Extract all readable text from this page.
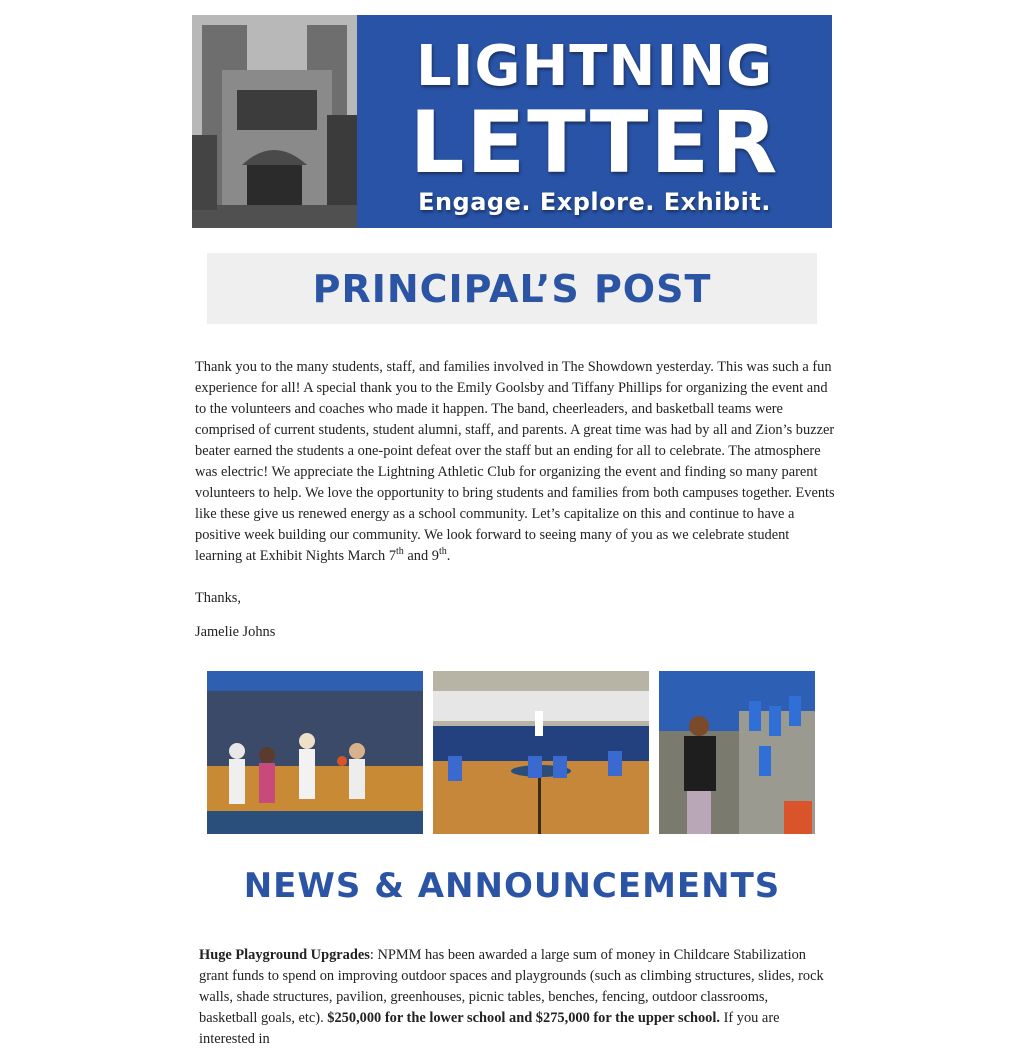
LIGHTNING
LETTER
Engage. Explore. Exhibit.
PRINCIPAL’S POST

Thank you to the many students, staff, and families involved in The Showdown yesterday. This was such a fun experience for all! A special thank you to the Emily Goolsby and Tiffany Phillips for organizing the event and to the volunteers and coaches who made it happen. The band, cheerleaders, and basketball teams were comprised of current students, student alumni, staff, and parents. A great time was had by all and Zion’s buzzer beater earned the students a one-point defeat over the staff but an ending for all to celebrate. The atmosphere was electric! We appreciate the Lightning Athletic Club for organizing the event and finding so many parent volunteers to help. We love the opportunity to bring students and families from both campuses together. Events like these give us renewed energy as a school community. Let’s capitalize on this and continue to have a positive week building our community. We look forward to seeing many of you as we celebrate student learning at Exhibit Nights March 7th and 9th.

Thanks,
Jamelie Johns
NEWS & ANNOUNCEMENTS
Huge Playground Upgrades: NPMM has been awarded a large sum of money in Childcare Stabilization grant funds to spend on improving outdoor spaces and playgrounds (such as climbing structures, slides, rock walls, shade structures, pavilion, greenhouses, picnic tables, benches, fencing, outdoor classrooms, basketball goals, etc). $250,000 for the lower school and $275,000 for the upper school. If you are interested in
